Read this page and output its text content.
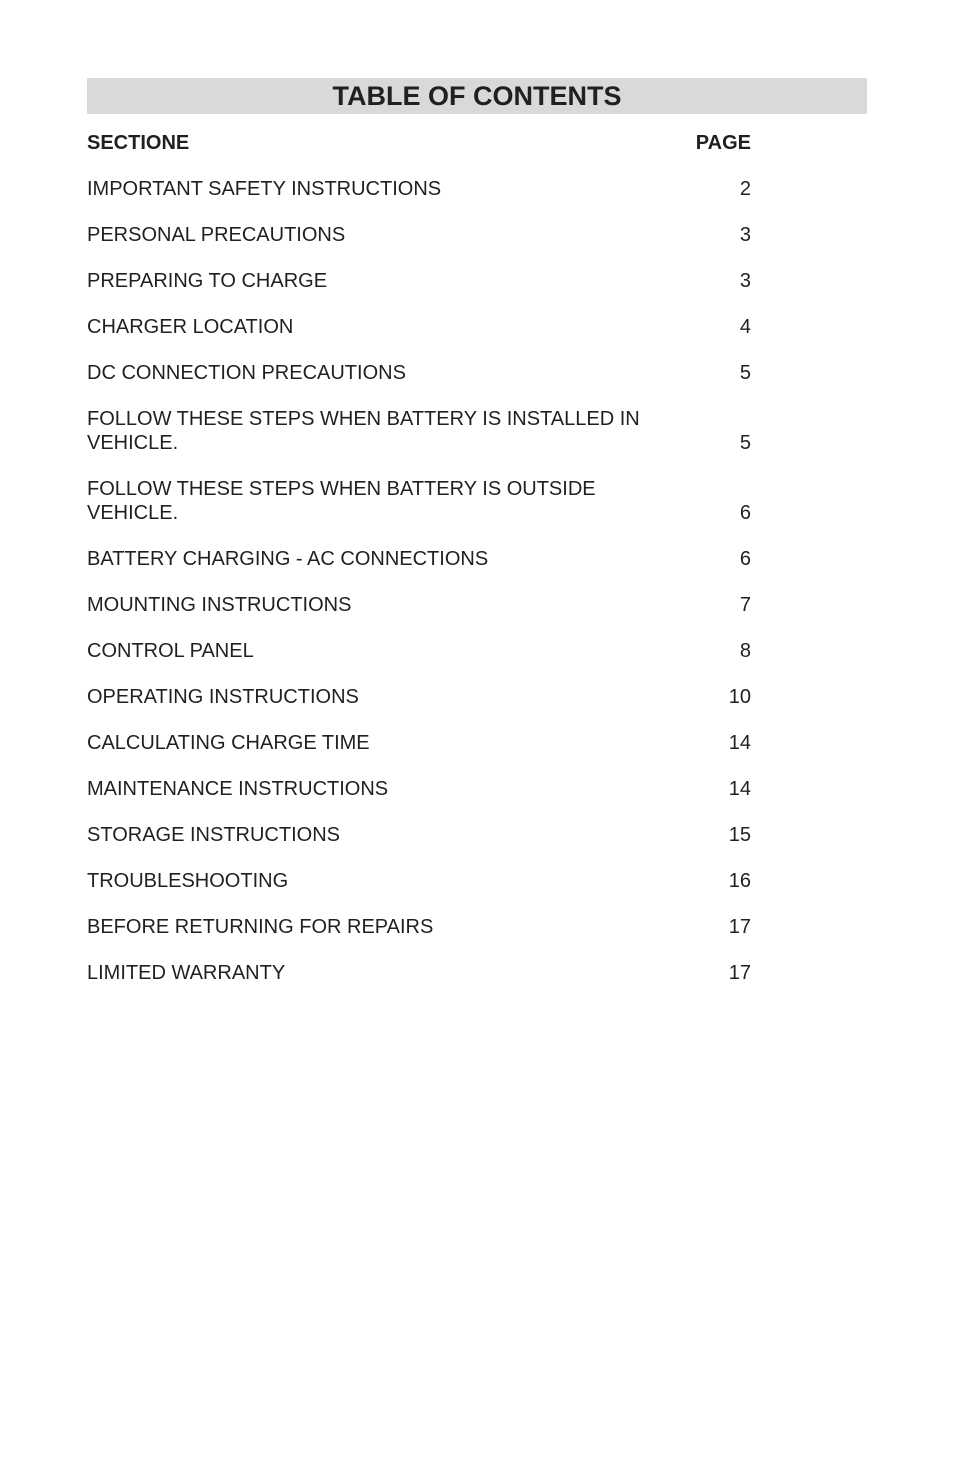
TABLE OF CONTENTS
SECTIONE	PAGE
IMPORTANT SAFETY INSTRUCTIONS	2
PERSONAL PRECAUTIONS	3
PREPARING TO CHARGE	3
CHARGER LOCATION	4
DC CONNECTION PRECAUTIONS	5
FOLLOW THESE STEPS WHEN BATTERY IS INSTALLED IN VEHICLE.	5
FOLLOW THESE STEPS WHEN BATTERY IS OUTSIDE VEHICLE.	6
BATTERY CHARGING - AC CONNECTIONS	6
MOUNTING INSTRUCTIONS	7
CONTROL PANEL	8
OPERATING INSTRUCTIONS	10
CALCULATING CHARGE TIME	14
MAINTENANCE INSTRUCTIONS	14
STORAGE INSTRUCTIONS	15
TROUBLESHOOTING	16
BEFORE RETURNING FOR REPAIRS	17
LIMITED WARRANTY	17
